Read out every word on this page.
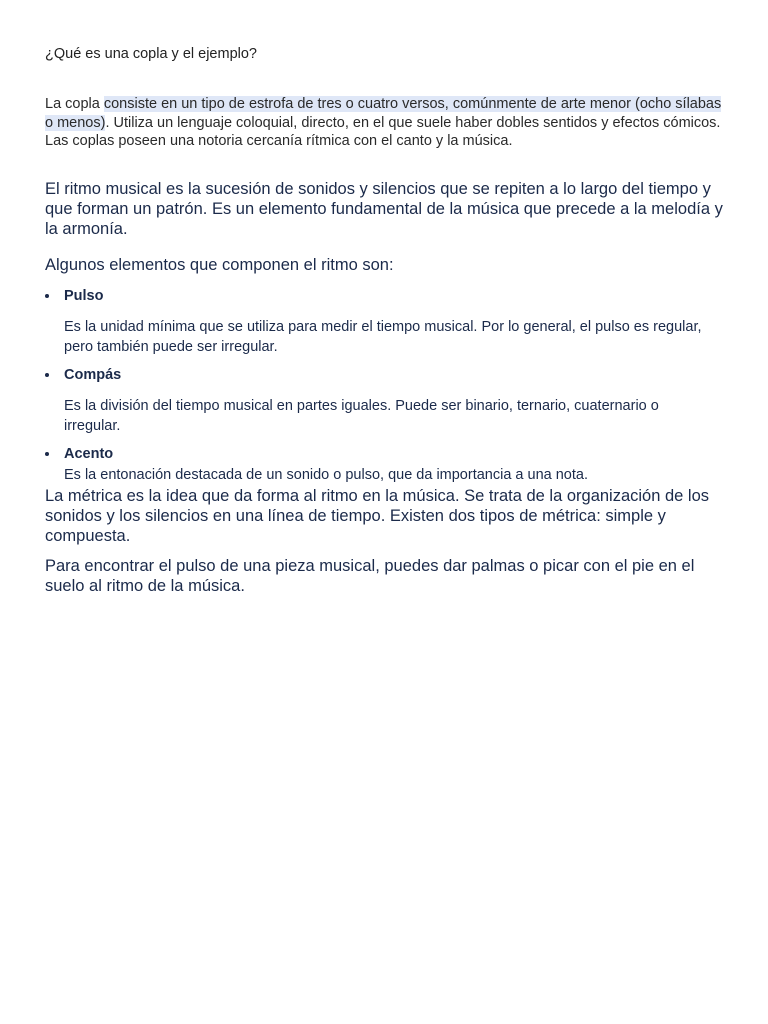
¿Qué es una copla y el ejemplo?

La copla consiste en un tipo de estrofa de tres o cuatro versos, comúnmente de arte menor (ocho sílabas o menos). Utiliza un lenguaje coloquial, directo, en el que suele haber dobles sentidos y efectos cómicos. Las coplas poseen una notoria cercanía rítmica con el canto y la música.

El ritmo musical es la sucesión de sonidos y silencios que se repiten a lo largo del tiempo y que forman un patrón. Es un elemento fundamental de la música que precede a la melodía y la armonía.

Algunos elementos que componen el ritmo son:

Pulso
Es la unidad mínima que se utiliza para medir el tiempo musical. Por lo general, el pulso es regular, pero también puede ser irregular.
Compás
Es la división del tiempo musical en partes iguales. Puede ser binario, ternario, cuaternario o irregular.
Acento
Es la entonación destacada de un sonido o pulso, que da importancia a una nota.

La métrica es la idea que da forma al ritmo en la música. Se trata de la organización de los sonidos y los silencios en una línea de tiempo. Existen dos tipos de métrica: simple y compuesta.

Para encontrar el pulso de una pieza musical, puedes dar palmas o picar con el pie en el suelo al ritmo de la música.
